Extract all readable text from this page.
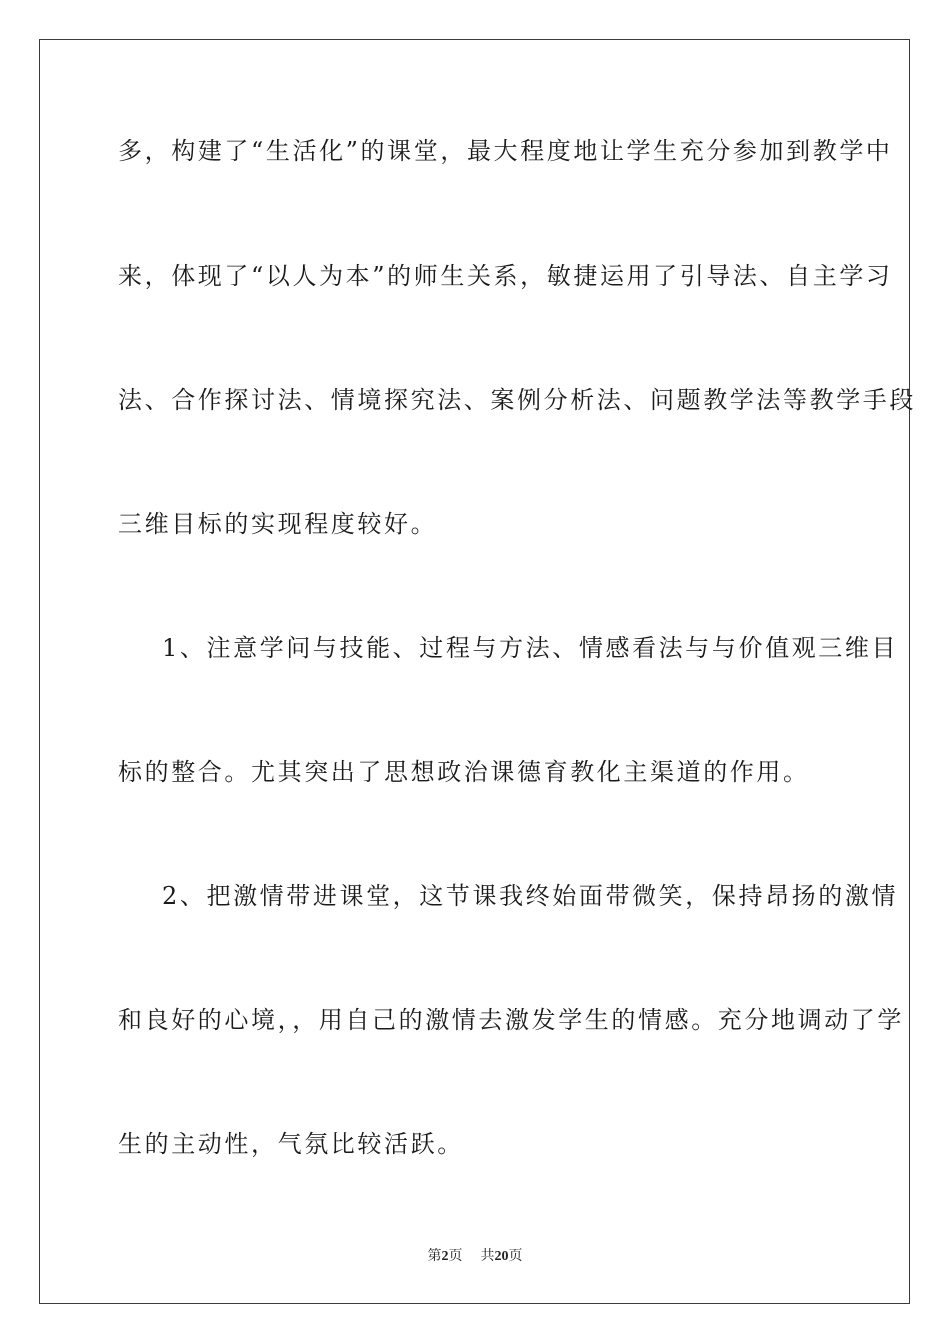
多，构建了“生活化”的课堂，最大程度地让学生充分参加到教学中
来，体现了“以人为本”的师生关系，敏捷运用了引导法、自主学习
法、合作探讨法、情境探究法、案例分析法、问题教学法等教学手段
三维目标的实现程度较好。
1、注意学问与技能、过程与方法、情感看法与与价值观三维目
标的整合。尤其突出了思想政治课德育教化主渠道的作用。
2、把激情带进课堂，这节课我终始面带微笑，保持昂扬的激情
和良好的心境，，用自己的激情去激发学生的情感。充分地调动了学
生的主动性，气氛比较活跃。
第2页 共20页
